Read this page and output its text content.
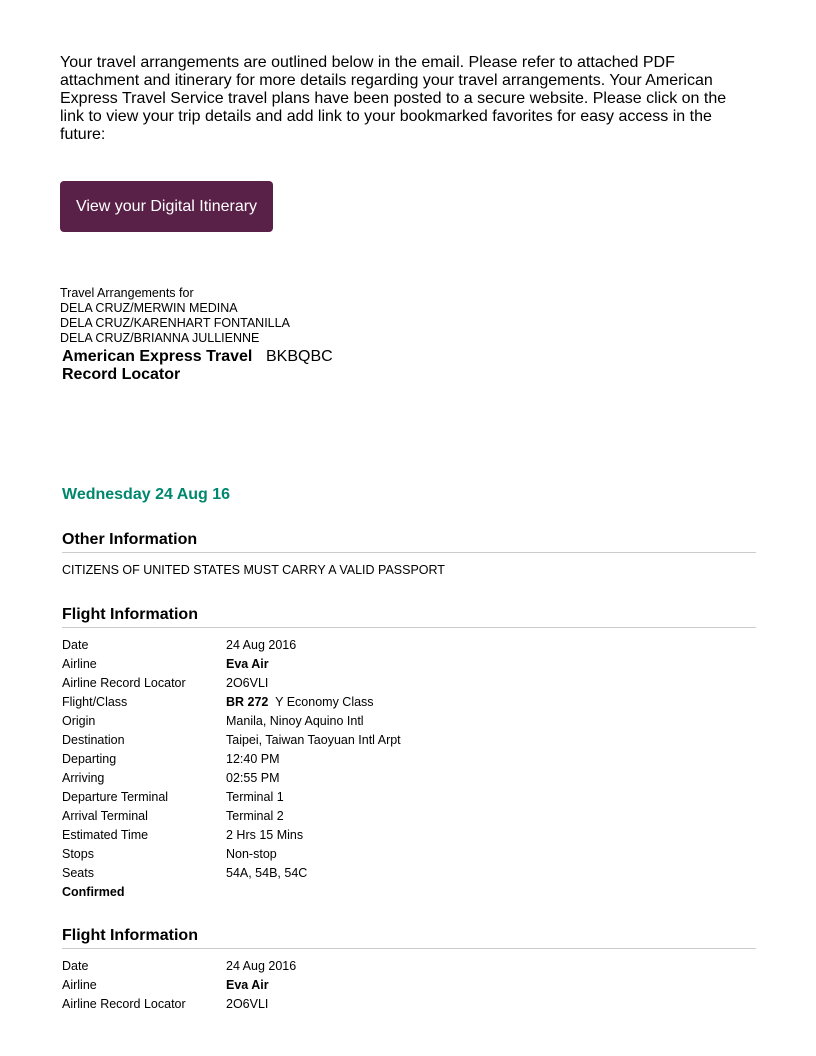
Your travel arrangements are outlined below in the email. Please refer to attached PDF attachment and itinerary for more details regarding your travel arrangements. Your American Express Travel Service travel plans have been posted to a secure website. Please click on the link to view your trip details and add link to your bookmarked favorites for easy access in the future:

View your Digital Itinerary
Travel Arrangements for
DELA CRUZ/MERWIN MEDINA
DELA CRUZ/KARENHART FONTANILLA
DELA CRUZ/BRIANNA JULLIENNE
American Express Travel
Record Locator
BKBQBC
Wednesday 24 Aug 16
Other Information
CITIZENS OF UNITED STATES MUST CARRY A VALID PASSPORT
Flight Information
Date	24 Aug 2016
Airline	Eva Air
Airline Record Locator	2O6VLI
Flight/Class	BR 272 Y Economy Class
Origin	Manila, Ninoy Aquino Intl
Destination	Taipei, Taiwan Taoyuan Intl Arpt
Departing	12:40 PM
Arriving	02:55 PM
Departure Terminal	Terminal 1
Arrival Terminal	Terminal 2
Estimated Time	2 Hrs 15 Mins
Stops	Non-stop
Seats	54A, 54B, 54C
Confirmed
Flight Information
Date	24 Aug 2016
Airline	Eva Air
Airline Record Locator	2O6VLI
